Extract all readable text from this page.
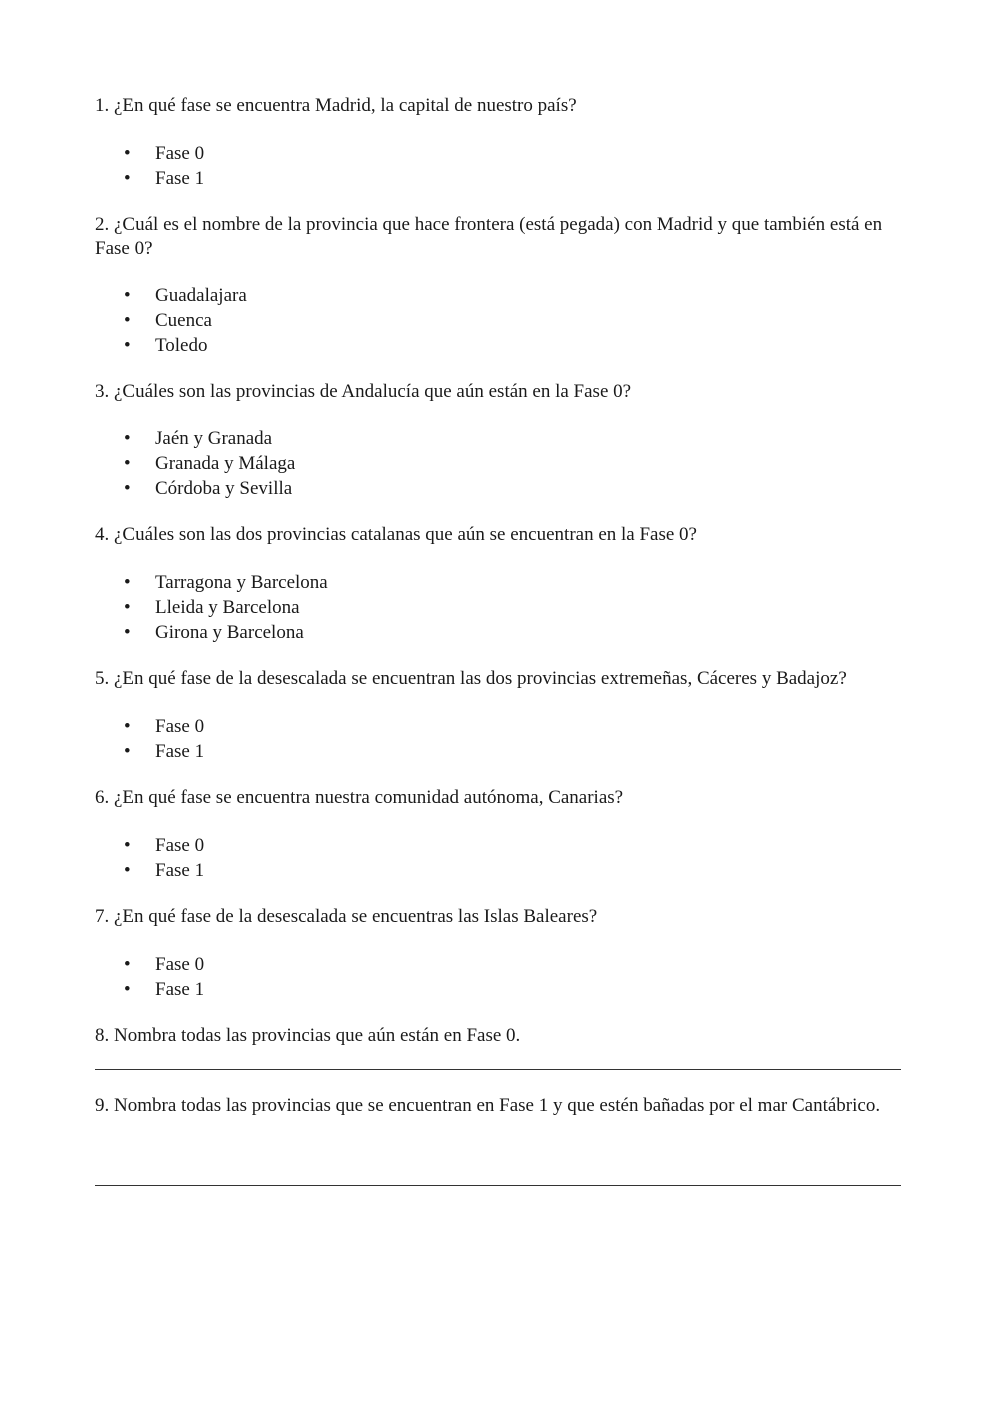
1. ¿En qué fase se encuentra Madrid, la capital de nuestro país?

• Fase 0
• Fase 1

2. ¿Cuál es el nombre de la provincia que hace frontera (está pegada) con Madrid y que también está en Fase 0?

• Guadalajara
• Cuenca
• Toledo

3. ¿Cuáles son las provincias de Andalucía que aún están en la Fase 0?

• Jaén y Granada
• Granada y Málaga
• Córdoba y Sevilla

4. ¿Cuáles son las dos provincias catalanas que aún se encuentran en la Fase 0?

• Tarragona y Barcelona
• Lleida y Barcelona
• Girona y Barcelona

5. ¿En qué fase de la desescalada se encuentran las dos provincias extremeñas, Cáceres y Badajoz?

• Fase 0
• Fase 1

6. ¿En qué fase se encuentra nuestra comunidad autónoma, Canarias?

• Fase 0
• Fase 1

7. ¿En qué fase de la desescalada se encuentras las Islas Baleares?

• Fase 0
• Fase 1

8. Nombra todas las provincias que aún están en Fase 0.

9. Nombra todas las provincias que se encuentran en Fase 1 y que estén bañadas por el mar Cantábrico.
